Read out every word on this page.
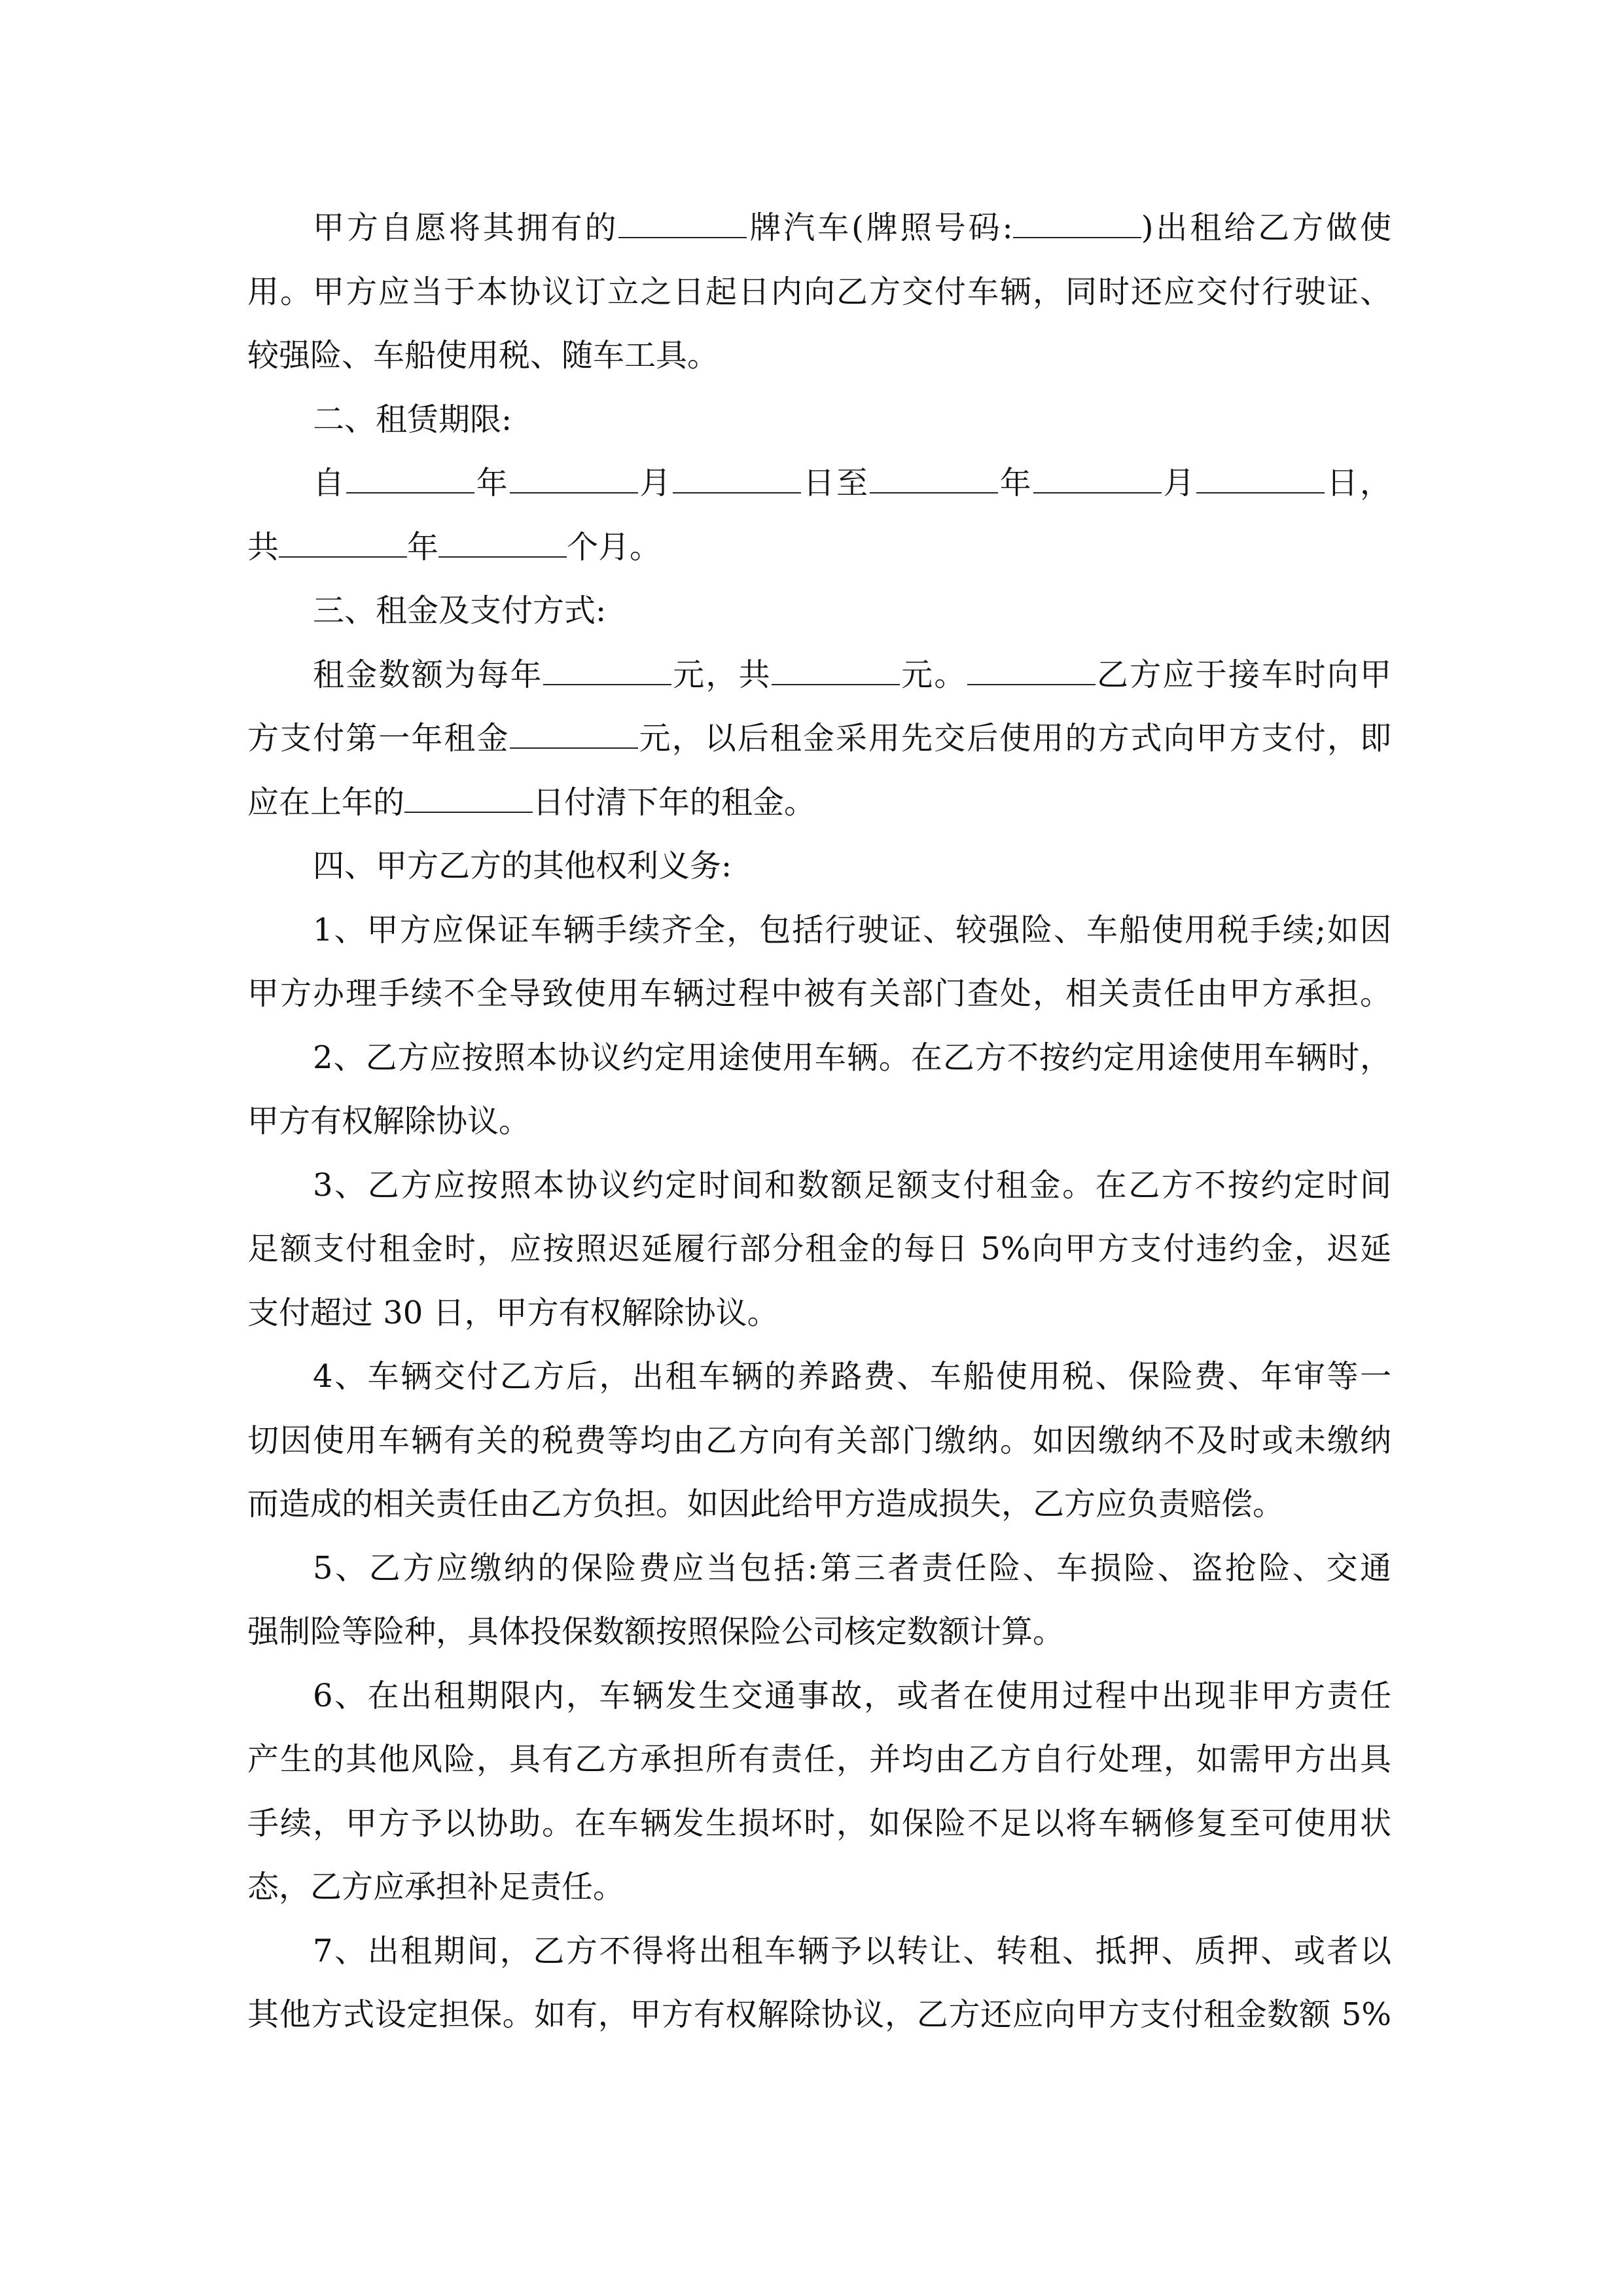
甲方自愿将其拥有的	牌汽车(牌照号码:	)出租给乙方做使
用。甲方应当于本协议订立之日起日内向乙方交付车辆，同时还应交付行驶证、
较强险、车船使用税、随车工具。
二、租赁期限:
自	年	月	日至	年	月	日，
共	年	个月。
三、租金及支付方式:
租金数额为每年	元，共	元。	乙方应于接车时向甲
方支付第一年租金	元，以后租金采用先交后使用的方式向甲方支付，即
应在上年的	日付清下年的租金。
四、甲方乙方的其他权利义务:
1、甲方应保证车辆手续齐全，包括行驶证、较强险、车船使用税手续;如因
甲方办理手续不全导致使用车辆过程中被有关部门查处，相关责任由甲方承担。
2、乙方应按照本协议约定用途使用车辆。在乙方不按约定用途使用车辆时，
甲方有权解除协议。
3、乙方应按照本协议约定时间和数额足额支付租金。在乙方不按约定时间
足额支付租金时，应按照迟延履行部分租金的每日 5%向甲方支付违约金，迟延
支付超过 30 日，甲方有权解除协议。
4、车辆交付乙方后，出租车辆的养路费、车船使用税、保险费、年审等一
切因使用车辆有关的税费等均由乙方向有关部门缴纳。如因缴纳不及时或未缴纳
而造成的相关责任由乙方负担。如因此给甲方造成损失，乙方应负责赔偿。
5、乙方应缴纳的保险费应当包括:第三者责任险、车损险、盗抢险、交通
强制险等险种，具体投保数额按照保险公司核定数额计算。
6、在出租期限内，车辆发生交通事故，或者在使用过程中出现非甲方责任
产生的其他风险，具有乙方承担所有责任，并均由乙方自行处理，如需甲方出具
手续，甲方予以协助。在车辆发生损坏时，如保险不足以将车辆修复至可使用状
态，乙方应承担补足责任。
7、出租期间，乙方不得将出租车辆予以转让、转租、抵押、质押、或者以
其他方式设定担保。如有，甲方有权解除协议，乙方还应向甲方支付租金数额 5%
